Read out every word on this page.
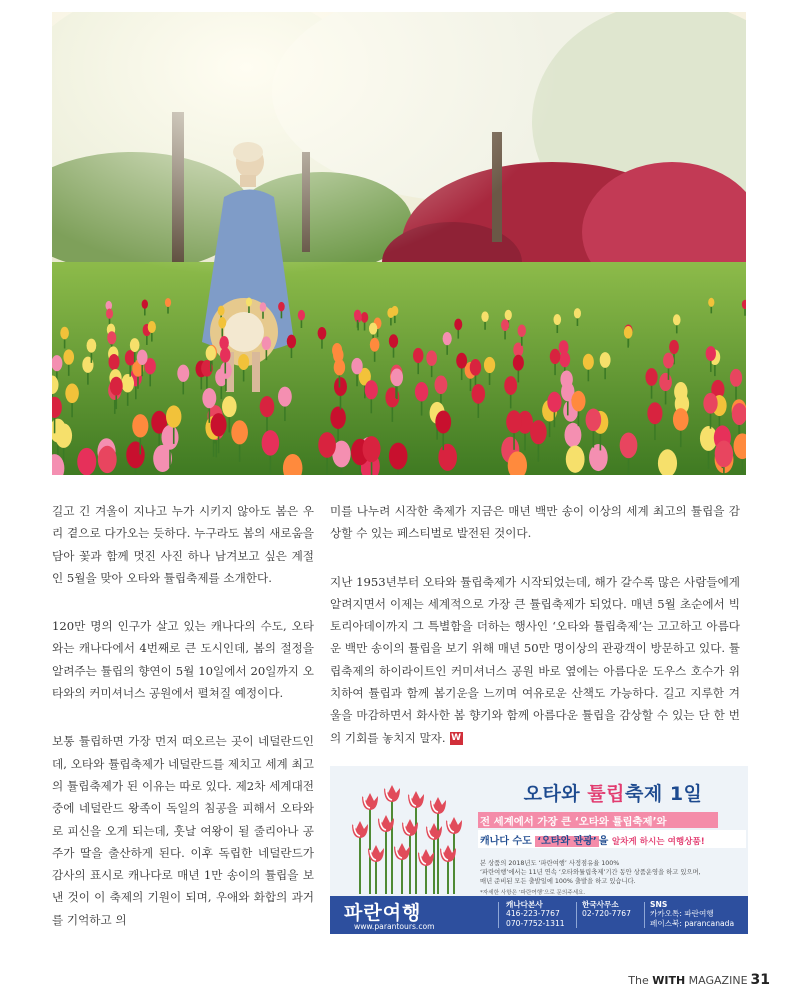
길고 긴 겨울이 지나고 누가 시키지 않아도 봄은 우리 곁으로 다가오는 듯하다. 누구라도 봄의 새로움을 담아 꽃과 함께 멋진 사진 하나 남겨보고 싶은 계절인 5월을 맞아 오타와 튤립축제를 소개한다.

120만 명의 인구가 살고 있는 캐나다의 수도, 오타와는 캐나다에서 4번째로 큰 도시인데, 봄의 절정을 알려주는 튤립의 향연이 5월 10일에서 20일까지 오타와의 커미셔너스 공원에서 펼쳐질 예정이다.

보통 튤립하면 가장 먼저 떠오르는 곳이 네덜란드인데, 오타와 튤립축제가 네덜란드를 제치고 세계 최고의 튤립축제가 된 이유는 따로 있다. 제2차 세계대전 중에 네덜란드 왕족이 독일의 침공을 피해서 오타와로 피신을 오게 되는데, 훗날 여왕이 될 줄리아나 공주가 딸을 출산하게 된다. 이후 독립한 네덜란드가 감사의 표시로 캐나다로 매년 1만 송이의 튤립을 보낸 것이 이 축제의 기원이 되며, 우애와 화합의 과거를 기억하고 의

미를 나누려 시작한 축제가 지금은 매년 백만 송이 이상의 세계 최고의 튤립을 감상할 수 있는 페스티벌로 발전된 것이다.

지난 1953년부터 오타와 튤립축제가 시작되었는데, 해가 갈수록 많은 사람들에게 알려지면서 이제는 세계적으로 가장 큰 튤립축제가 되었다. 매년 5월 초순에서 빅토리아데이까지 그 특별함을 더하는 행사인 ‘오타와 튤립축제’는 고고하고 아름다운 백만 송이의 튤립을 보기 위해 매년 50만 명이상의 관광객이 방문하고 있다. 튤립축제의 하이라이트인 커미셔너스 공원 바로 옆에는 아름다운 도우스 호수가 위치하여 튤립과 함께 봄기운을 느끼며 여유로운 산책도 가능하다. 길고 지루한 겨울을 마감하면서 화사한 봄 향기와 함께 아름다운 튤립을 감상할 수 있는 단 한 번의 기회를 놓치지 말자. W

오타와 튤립축제 1일
전 세계에서 가장 큰 ‘오타와 튤립축제’와
캐나다 수도 ‘오타와 관광’ 을 알차게 하시는 여행상품!
본 상품의 2018년도 ‘파란여행’ 사정점유율 100%
‘파란여행’에서는 11년 연속 ‘오타와튤립축제’기간 동안 상품운영을 하고 있으며,
매년 준비된 모든 출발일에 100% 출발을 하고 있습니다.
*자세한 사항은 ‘파란여행’으로 문의주세요.
파란여행
www.parantours.com
캐나다본사
416-223-7767
070-7752-1311
한국사무소
02-720-7767
SNS
카카오톡: 파란여행
페이스북: parancanada
The WITH MAGAZINE 31
